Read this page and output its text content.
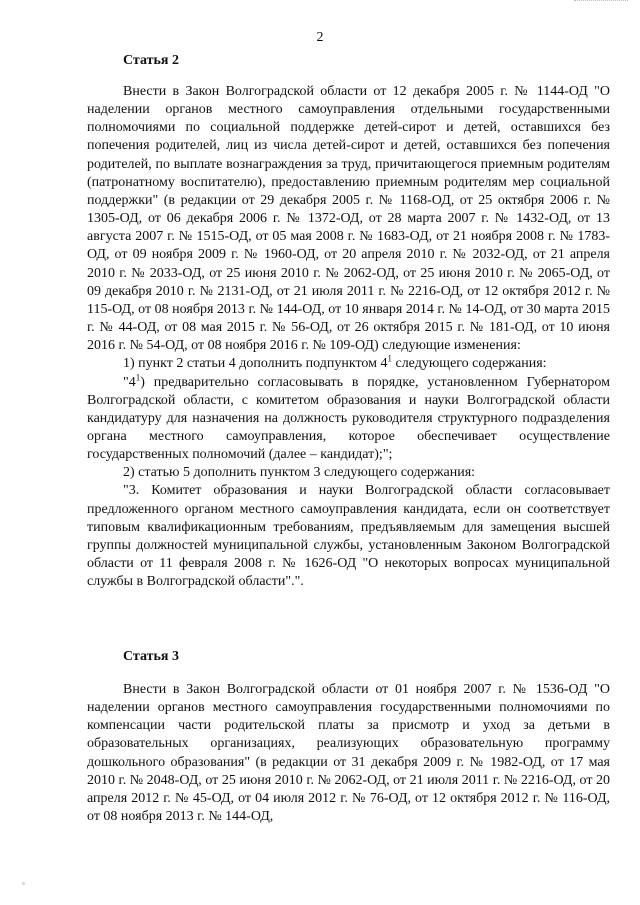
2
Статья 2

Внести в Закон Волгоградской области от 12 декабря 2005 г. № 1144-ОД "О наделении органов местного самоуправления отдельными государственными полномочиями по социальной поддержке детей-сирот и детей, оставшихся без попечения родителей, лиц из числа детей-сирот и детей, оставшихся без попечения родителей, по выплате вознаграждения за труд, причитающегося приемным родителям (патронатному воспитателю), предоставлению приемным родителям мер социальной поддержки" (в редакции от 29 декабря 2005 г. № 1168-ОД, от 25 октября 2006 г. № 1305-ОД, от 06 декабря 2006 г. № 1372-ОД, от 28 марта 2007 г. № 1432-ОД, от 13 августа 2007 г. № 1515-ОД, от 05 мая 2008 г. № 1683-ОД, от 21 ноября 2008 г. № 1783-ОД, от 09 ноября 2009 г. № 1960-ОД, от 20 апреля 2010 г. № 2032-ОД, от 21 апреля 2010 г. № 2033-ОД, от 25 июня 2010 г. № 2062-ОД, от 25 июня 2010 г. № 2065-ОД, от 09 декабря 2010 г. № 2131-ОД, от 21 июля 2011 г. № 2216-ОД, от 12 октября 2012 г. № 115-ОД, от 08 ноября 2013 г. № 144-ОД, от 10 января 2014 г. № 14-ОД, от 30 марта 2015 г. № 44-ОД, от 08 мая 2015 г. № 56-ОД, от 26 октября 2015 г. № 181-ОД, от 10 июня 2016 г. № 54-ОД, от 08 ноября 2016 г. № 109-ОД) следующие изменения:

1) пункт 2 статьи 4 дополнить подпунктом $4^1$ следующего содержания:

"$4^1$) предварительно согласовывать в порядке, установленном Губернатором Волгоградской области, с комитетом образования и науки Волгоградской области кандидатуру для назначения на должность руководителя структурного подразделения органа местного самоуправления, которое обеспечивает осуществление государственных полномочий (далее – кандидат);";

2) статью 5 дополнить пунктом 3 следующего содержания:

"3. Комитет образования и науки Волгоградской области согласовывает предложенного органом местного самоуправления кандидата, если он соответствует типовым квалификационным требованиям, предъявляемым для замещения высшей группы должностей муниципальной службы, установленным Законом Волгоградской области от 11 февраля 2008 г. № 1626-ОД "О некоторых вопросах муниципальной службы в Волгоградской области".".

Статья 3

Внести в Закон Волгоградской области от 01 ноября 2007 г. № 1536-ОД "О наделении органов местного самоуправления государственными полномочиями по компенсации части родительской платы за присмотр и уход за детьми в образовательных организациях, реализующих образовательную программу дошкольного образования" (в редакции от 31 декабря 2009 г. № 1982-ОД, от 17 мая 2010 г. № 2048-ОД, от 25 июня 2010 г. № 2062-ОД, от 21 июля 2011 г. № 2216-ОД, от 20 апреля 2012 г. № 45-ОД, от 04 июля 2012 г. № 76-ОД, от 12 октября 2012 г. № 116-ОД, от 08 ноября 2013 г. № 144-ОД,
